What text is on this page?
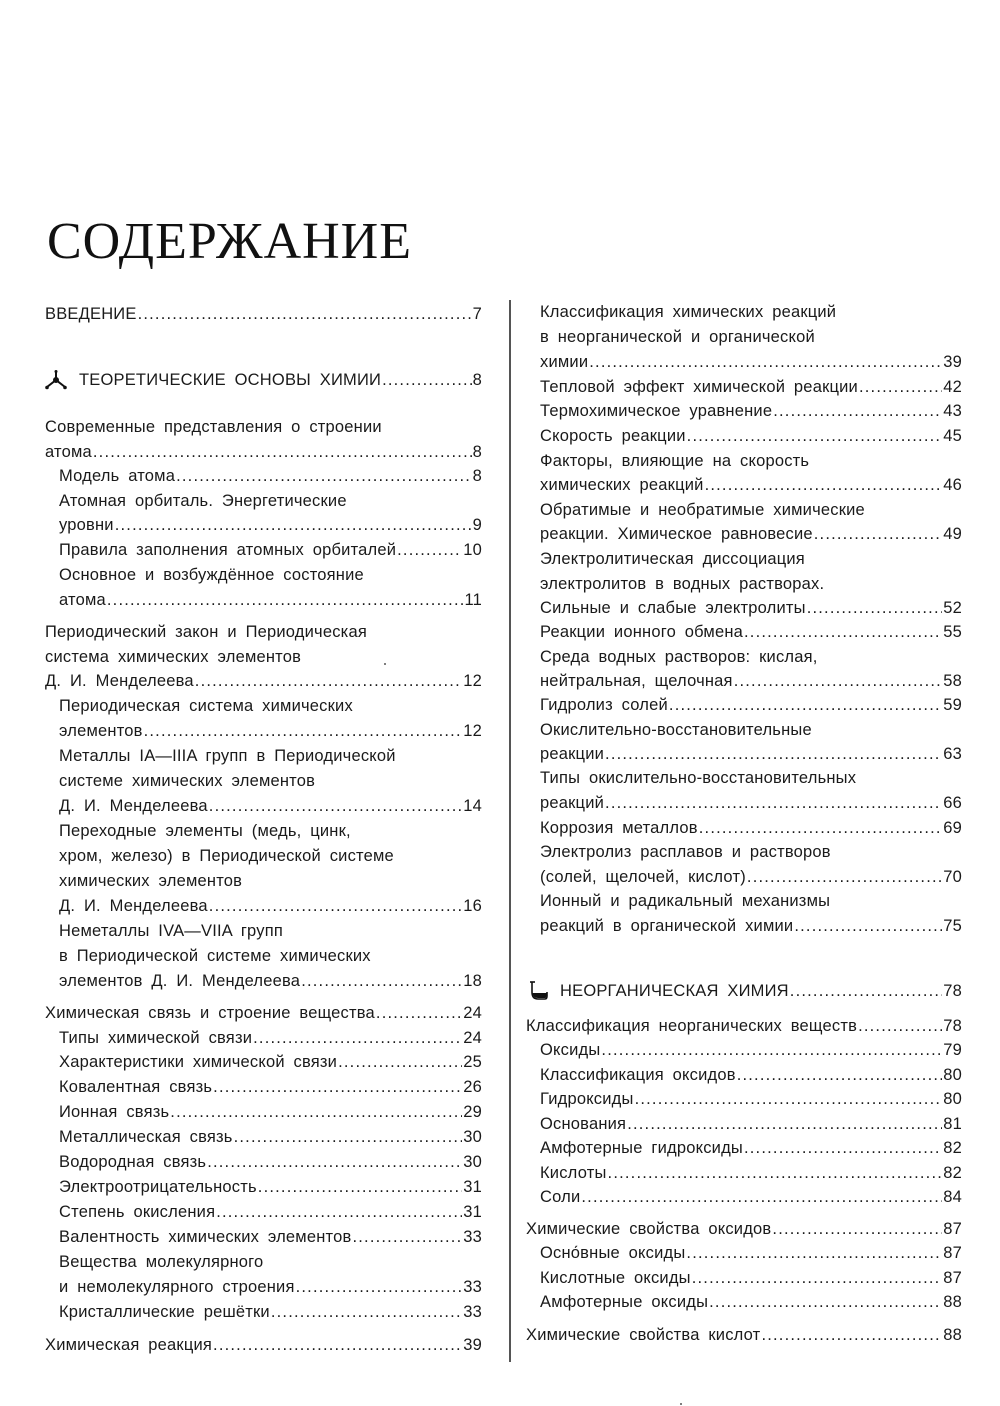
СОДЕРЖАНИЕ
ВВЕДЕНИЕ .....	7
ТЕОРЕТИЧЕСКИЕ ОСНОВЫ ХИМИИ .....	8
Современные представления о строении
атома .....	8
Модель атома .....	8
Атомная орбиталь. Энергетические
уровни .....	9
Правила заполнения атомных орбиталей .....	10
Основное и возбуждённое состояние
атома .....	11
Периодический закон и Периодическая
система химических элементов
Д. И. Менделеева .....	12
Периодическая система химических
элементов .....	12
Металлы IA—IIIA групп в Периодической
системе химических элементов
Д. И. Менделеева .....	14
Переходные элементы (медь, цинк,
хром, железо) в Периодической системе
химических элементов
Д. И. Менделеева .....	16
Неметаллы IVA—VIIA групп
в Периодической системе химических
элементов Д. И. Менделеева .....	18
Химическая связь и строение вещества .....	24
Типы химической связи .....	24
Характеристики химической связи .....	25
Ковалентная связь .....	26
Ионная связь .....	29
Металлическая связь .....	30
Водородная связь .....	30
Электроотрицательность .....	31
Степень окисления .....	31
Валентность химических элементов .....	33
Вещества молекулярного
и немолекулярного строения .....	33
Кристаллические решётки .....	33
Химическая реакция .....	39
Классификация химических реакций
в неорганической и органической
химии .....	39
Тепловой эффект химической реакции .....	42
Термохимическое уравнение .....	43
Скорость реакции .....	45
Факторы, влияющие на скорость
химических реакций .....	46
Обратимые и необратимые химические
реакции. Химическое равновесие .....	49
Электролитическая диссоциация
электролитов в водных растворах.
Сильные и слабые электролиты .....	52
Реакции ионного обмена .....	55
Среда водных растворов: кислая,
нейтральная, щелочная .....	58
Гидролиз солей .....	59
Окислительно-восстановительные
реакции .....	63
Типы окислительно-восстановительных
реакций .....	66
Коррозия металлов .....	69
Электролиз расплавов и растворов
(солей, щелочей, кислот) .....	70
Ионный и радикальный механизмы
реакций в органической химии .....	75
НЕОРГАНИЧЕСКАЯ ХИМИЯ .....	78
Классификация неорганических веществ .....	78
Оксиды .....	79
Классификация оксидов .....	80
Гидроксиды .....	80
Основания .....	81
Амфотерные гидроксиды .....	82
Кислоты .....	82
Соли .....	84
Химические свойства оксидов .....	87
Осно́вные оксиды .....	87
Кислотные оксиды .....	87
Амфотерные оксиды .....	88
Химические свойства кислот .....	88
